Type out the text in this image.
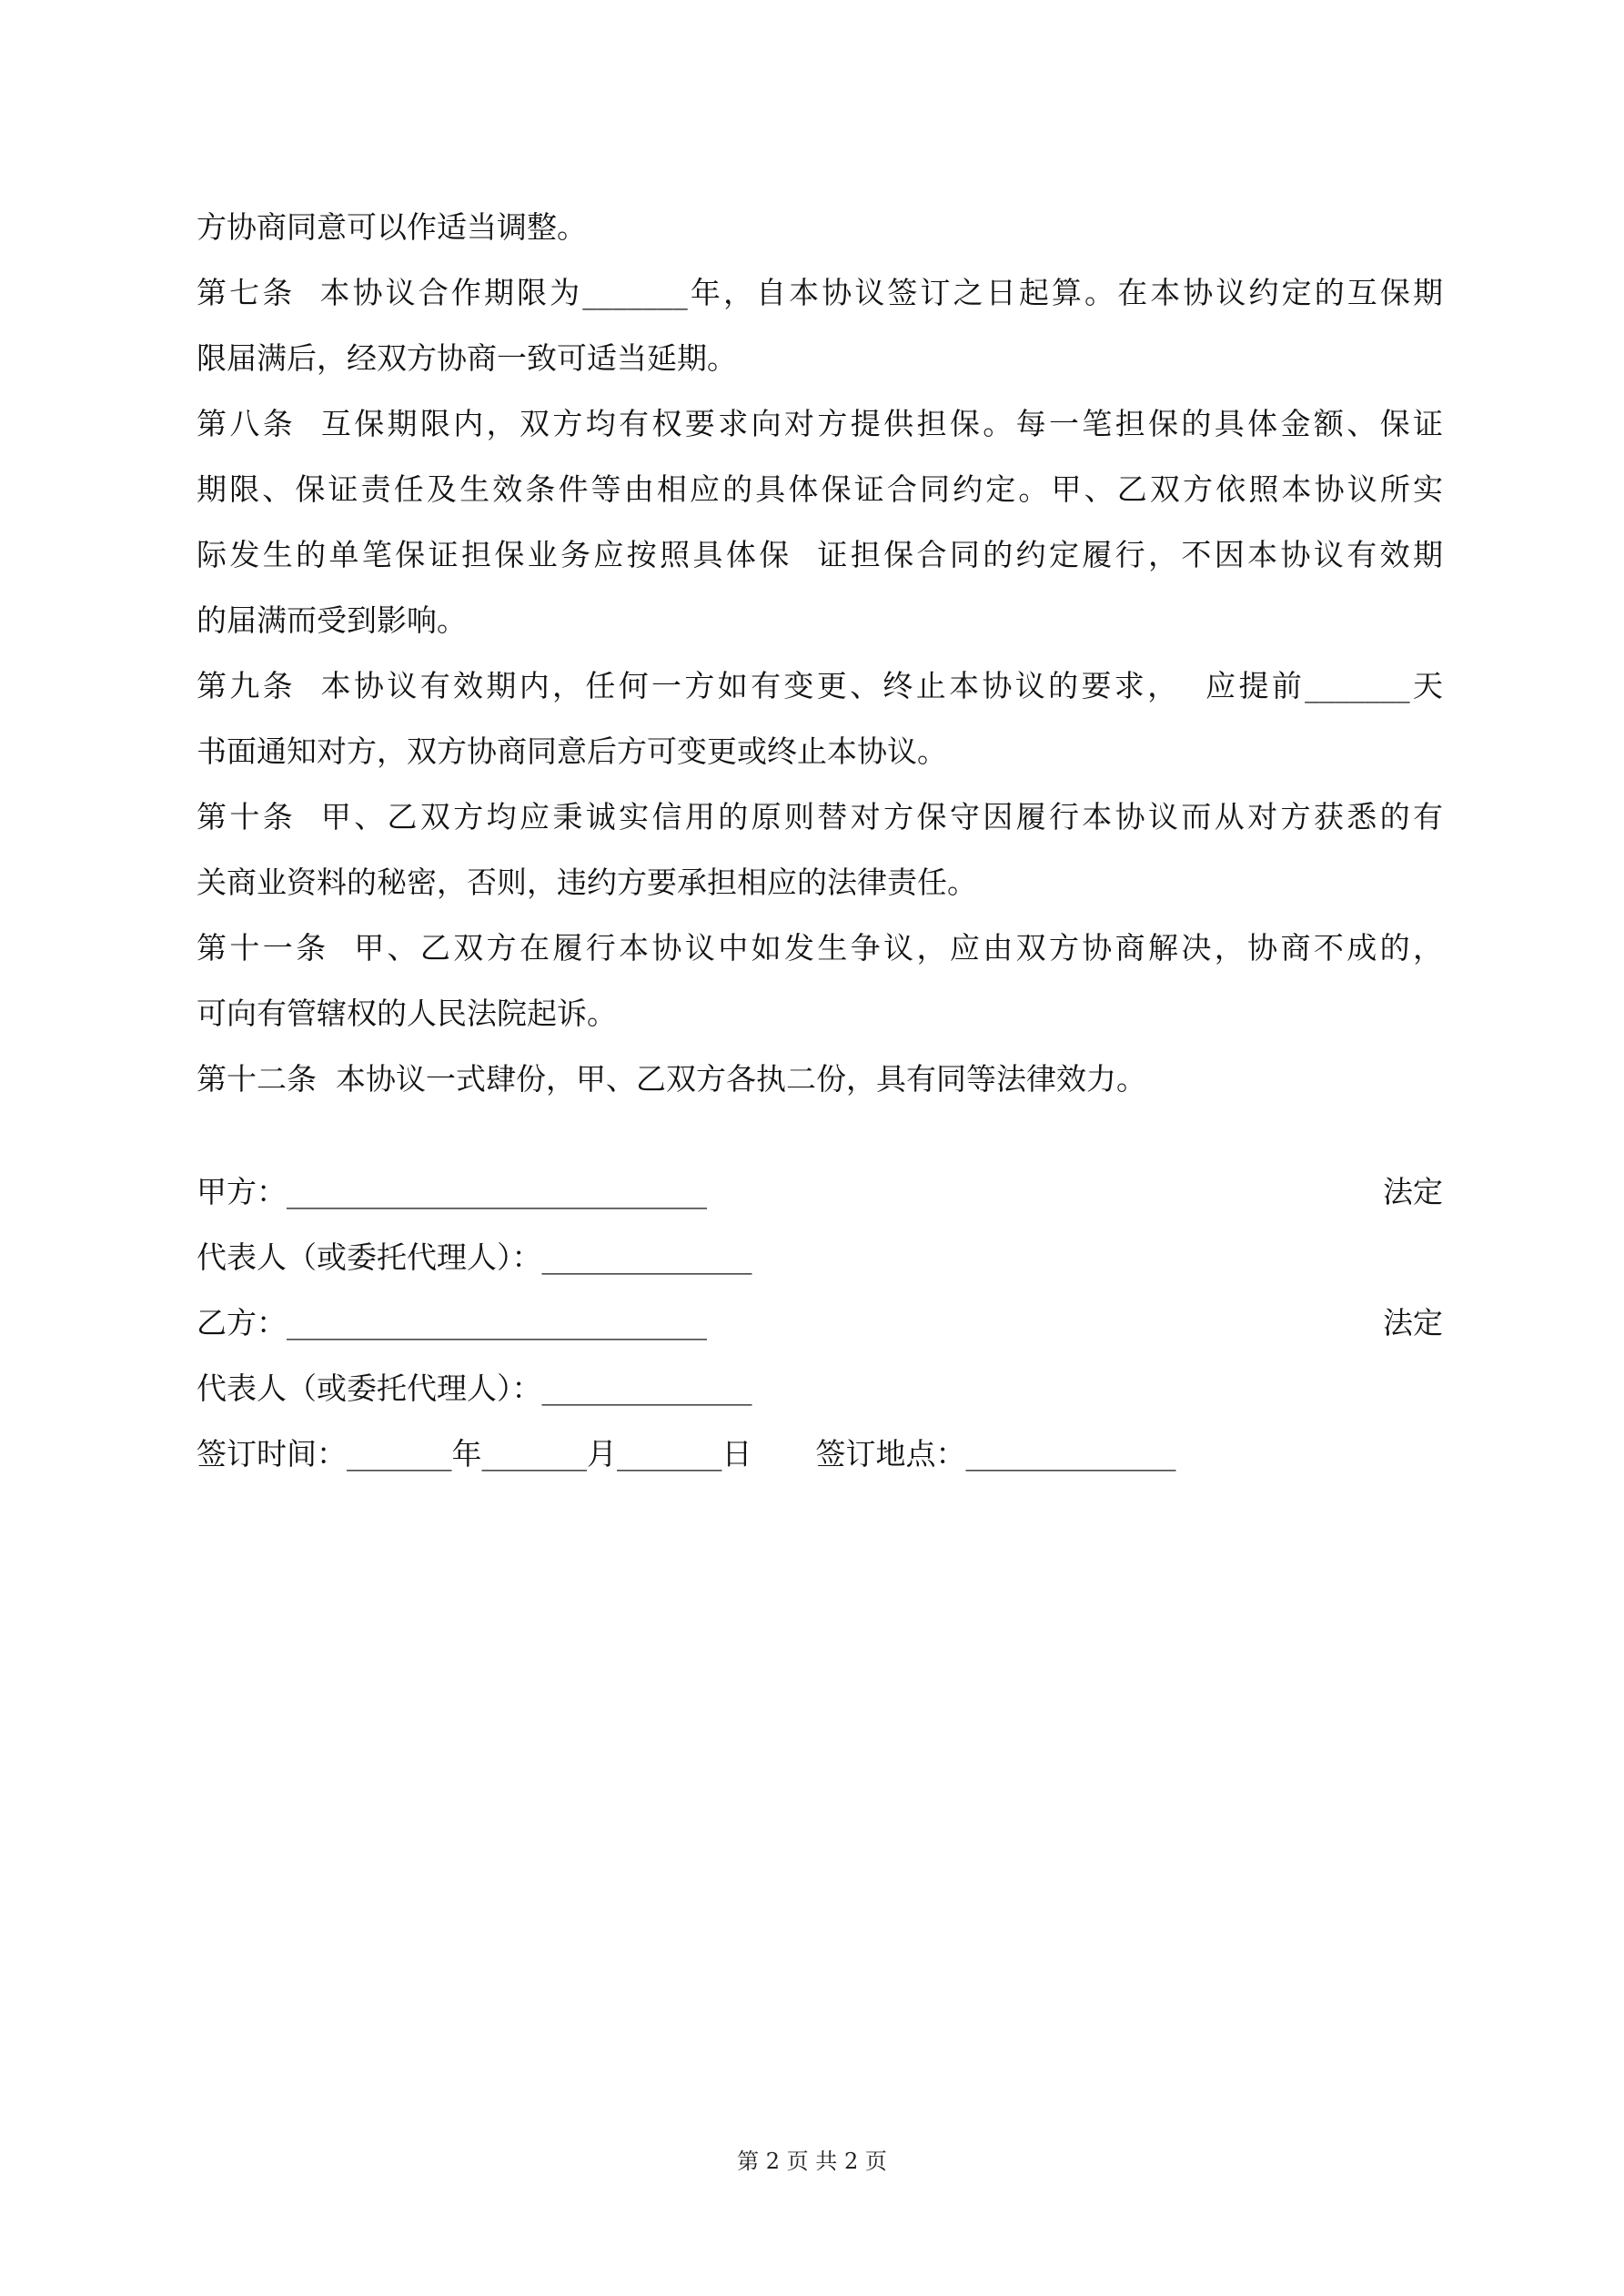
方协商同意可以作适当调整。
第七条  本协议合作期限为_______年，自本协议签订之日起算。在本协议约定的互保期
限届满后，经双方协商一致可适当延期。
第八条  互保期限内，双方均有权要求向对方提供担保。每一笔担保的具体金额、保证
期限、保证责任及生效条件等由相应的具体保证合同约定。甲、乙双方依照本协议所实
际发生的单笔保证担保业务应按照具体保  证担保合同的约定履行，不因本协议有效期
的届满而受到影响。
第九条  本协议有效期内，任何一方如有变更、终止本协议的要求，  应提前_______天
书面通知对方，双方协商同意后方可变更或终止本协议。
第十条  甲、乙双方均应秉诚实信用的原则替对方保守因履行本协议而从对方获悉的有
关商业资料的秘密，否则，违约方要承担相应的法律责任。
第十一条  甲、乙双方在履行本协议中如发生争议，应由双方协商解决，协商不成的，
可向有管辖权的人民法院起诉。
第十二条  本协议一式肆份，甲、乙双方各执二份，具有同等法律效力。
甲方：____________________________	法定
代表人（或委托代理人）：______________
乙方：____________________________	法定
代表人（或委托代理人）：______________
签订时间：_______年_______月_______日 签订地点：______________
第 2 页 共 2 页
